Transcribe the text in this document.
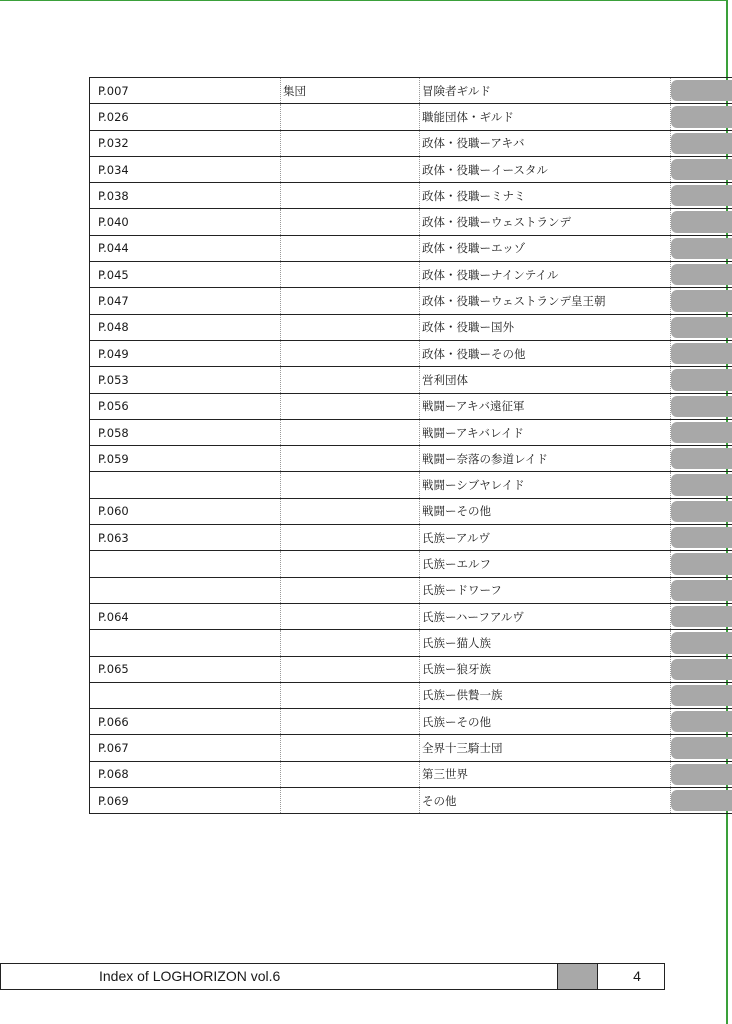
P.007	集団	冒険者ギルド	

P.026		職能団体・ギルド	

P.032		政体・役職ーアキバ	

P.034		政体・役職ーイースタル	

P.038		政体・役職ーミナミ	

P.040		政体・役職ーウェストランデ	

P.044		政体・役職ーエッゾ	

P.045		政体・役職ーナインテイル	

P.047		政体・役職ーウェストランデ皇王朝	

P.048		政体・役職ー国外	

P.049		政体・役職ーその他	

P.053		営利団体	

P.056		戦闘ーアキバ遠征軍	

P.058		戦闘ーアキバレイド	

P.059		戦闘ー奈落の参道レイド	

		戦闘ーシブヤレイド	

P.060		戦闘ーその他	

P.063		氏族ーアルヴ	

		氏族ーエルフ	

		氏族ードワーフ	

P.064		氏族ーハーフアルヴ	

		氏族ー猫人族	

P.065		氏族ー狼牙族	

		氏族ー供贄一族	

P.066		氏族ーその他	

P.067		全界十三騎士団	

P.068		第三世界	

P.069		その他	
Index of LOGHORIZON vol.6	4
